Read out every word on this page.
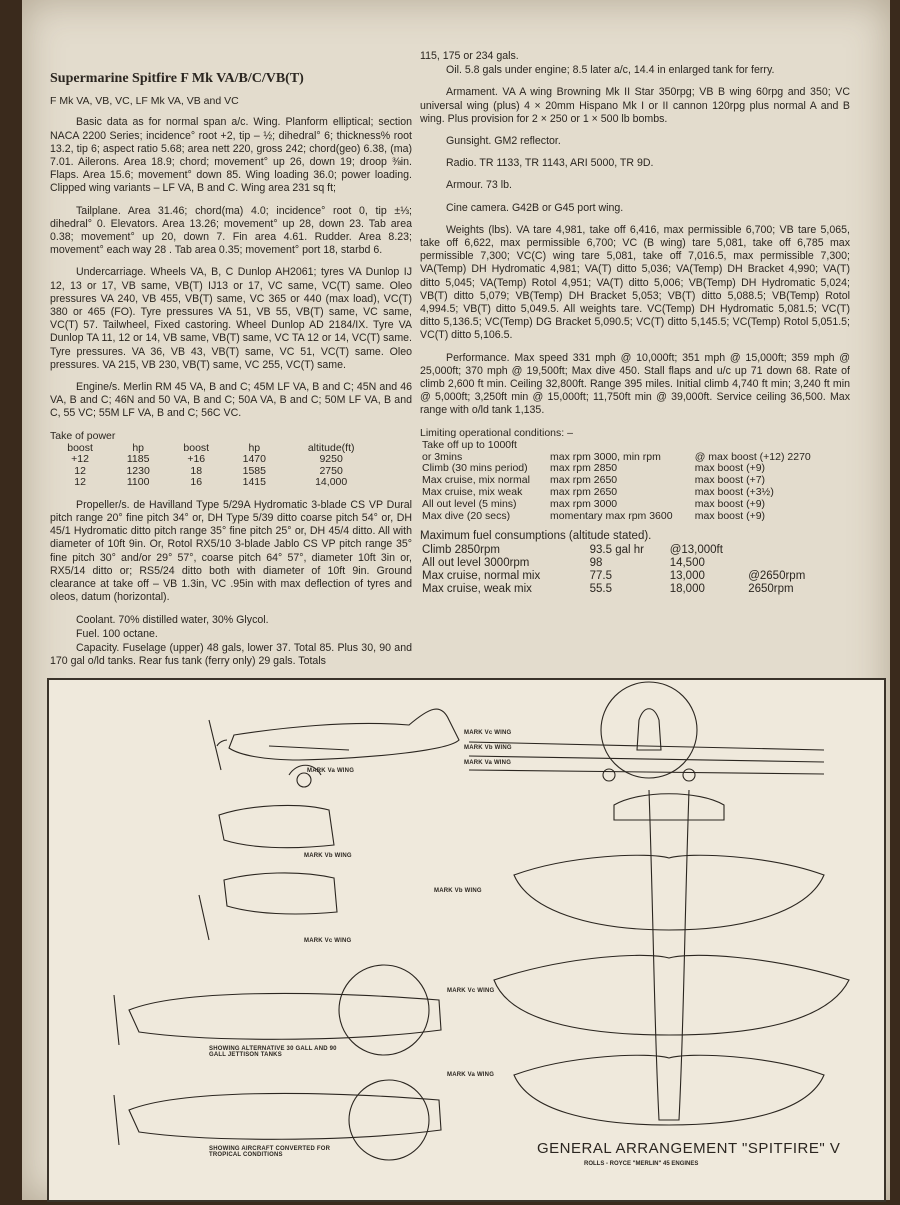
Supermarine Spitfire F Mk VA/B/C/VB(T)
F Mk VA, VB, VC, LF Mk VA, VB and VC

Basic data as for normal span a/c. Wing. Planform elliptical; section NACA 2200 Series; incidence° root +2, tip – ½; dihedral° 6; thickness% root 13.2, tip 6; aspect ratio 5.68; area nett 220, gross 242; chord(geo) 6.38, (ma) 7.01. Ailerons. Area 18.9; chord; movement° up 26, down 19; droop ⅜in. Flaps. Area 15.6; movement° down 85. Wing loading 36.0; power loading. Clipped wing variants – LF VA, B and C. Wing area 231 sq ft;

Tailplane. Area 31.46; chord(ma) 4.0; incidence° root 0, tip ±⅓; dihedral° 0. Elevators. Area 13.26; movement° up 28, down 23. Tab area 0.38; movement° up 20, down 7. Fin area 4.61. Rudder. Area 8.23; movement° each way 28 . Tab area 0.35; movement° port 18, starbd 6.

Undercarriage. Wheels VA, B, C Dunlop AH2061; tyres VA Dunlop IJ 12, 13 or 17, VB same, VB(T) IJ13 or 17, VC same, VC(T) same. Oleo pressures VA 240, VB 455, VB(T) same, VC 365 or 440 (max load), VC(T) 380 or 465 (FO). Tyre pressures VA 51, VB 55, VB(T) same, VC same, VC(T) 57. Tailwheel, Fixed castoring. Wheel Dunlop AD 2184/IX. Tyre VA Dunlop TA 11, 12 or 14, VB same, VB(T) same, VC TA 12 or 14, VC(T) same. Tyre pressures. VA 36, VB 43, VB(T) same, VC 51, VC(T) same. Oleo pressures. VA 215, VB 230, VB(T) same, VC 255, VC(T) same.

Engine/s. Merlin RM 45 VA, B and C; 45M LF VA, B and C; 45N and 46 VA, B and C; 46N and 50 VA, B and C; 50A VA, B and C; 50M LF VA, B and C, 55 VC; 55M LF VA, B and C; 56C VC.

Take of power
boost	hp	boost	hp	altitude(ft)
+12	1185	+16	1470	9250
12	1230	18	1585	2750
12	1100	16	1415	14,000

Propeller/s. de Havilland Type 5/29A Hydromatic 3-blade CS VP Dural pitch range 20° fine pitch 34° or, DH Type 5/39 ditto coarse pitch 54° or, DH 45/1 Hydromatic ditto pitch range 35° fine pitch 25° or, DH 45/4 ditto. All with diameter of 10ft 9in. Or, Rotol RX5/10 3-blade Jablo CS VP pitch range 35° fine pitch 30° and/or 29° 57°, coarse pitch 64° 57°, diameter 10ft 3in or, RX5/14 ditto or; RS5/24 ditto both with diameter of 10ft 9in. Ground clearance at take off – VB 1.3in, VC .95in with max deflection of tyres and oleos, datum (horizontal).

Coolant. 70% distilled water, 30% Glycol.

Fuel. 100 octane.

Capacity. Fuselage (upper) 48 gals, lower 37. Total 85. Plus 30, 90 and 170 gal o/ld tanks. Rear fus tank (ferry only) 29 gals. Totals

115, 175 or 234 gals.

Oil. 5.8 gals under engine; 8.5 later a/c, 14.4 in enlarged tank for ferry.

Armament. VA A wing Browning Mk II Star 350rpg; VB B wing 60rpg and 350; VC universal wing (plus) 4 × 20mm Hispano Mk I or II cannon 120rpg plus normal A and B wing. Plus provision for 2 × 250 or 1 × 500 lb bombs.

Gunsight. GM2 reflector.

Radio. TR 1133, TR 1143, ARI 5000, TR 9D.

Armour. 73 lb.

Cine camera. G42B or G45 port wing.

Weights (lbs). VA tare 4,981, take off 6,416, max permissible 6,700; VB tare 5,065, take off 6,622, max permissible 6,700; VC (B wing) tare 5,081, take off 6,785 max permissible 7,300; VC(C) wing tare 5,081, take off 7,016.5, max permissible 7,300; VA(Temp) DH Hydromatic 4,981; VA(T) ditto 5,036; VA(Temp) DH Bracket 4,990; VA(T) ditto 5,045; VA(Temp) Rotol 4,951; VA(T) ditto 5,006; VB(Temp) DH Hydromatic 5,024; VB(T) ditto 5,079; VB(Temp) DH Bracket 5,053; VB(T) ditto 5,088.5; VB(Temp) Rotol 4,994.5; VB(T) ditto 5,049.5. All weights tare. VC(Temp) DH Hydromatic 5,081.5; VC(T) ditto 5,136.5; VC(Temp) DG Bracket 5,090.5; VC(T) ditto 5,145.5; VC(Temp) Rotol 5,051.5; VC(T) ditto 5,106.5.

Performance. Max speed 331 mph @ 10,000ft; 351 mph @ 15,000ft; 359 mph @ 25,000ft; 370 mph @ 19,500ft; Max dive 450. Stall flaps and u/c up 71 down 68. Rate of climb 2,600 ft min. Ceiling 32,800ft. Range 395 miles. Initial climb 4,740 ft min; 3,240 ft min @ 5,000ft; 3,250ft min @ 15,000ft; 11,750ft min @ 39,000ft. Service ceiling 36,500. Max range with o/ld tank 1,135.

Limiting operational conditions: –
Take off up to 1000ft		
or 3mins	max rpm 3000, min rpm	@ max boost (+12) 2270
Climb (30 mins period)	max rpm 2850	max boost (+9)
Max cruise, mix normal	max rpm 2650	max boost (+7)
Max cruise, mix weak	max rpm 2650	max boost (+3½)
All out level (5 mins)	max rpm 3000	max boost (+9)
Max dive (20 secs)	momentary max rpm 3600	max boost (+9)
Maximum fuel consumptions (altitude stated).
Climb 2850rpm	93.5 gal hr	@13,000ft	
All out level 3000rpm	98	14,500	
Max cruise, normal mix	77.5	13,000	@2650rpm
Max cruise, weak mix	55.5	18,000	2650rpm
MARK Vc WING
MARK Vb WING
MARK Va WING
MARK Va WING
MARK Vb WING
MARK Vc WING
MARK Vb WING
MARK Vc WING
MARK Va WING
SHOWING ALTERNATIVE 30 GALL AND 90 GALL JETTISON TANKS
SHOWING AIRCRAFT CONVERTED FOR TROPICAL CONDITIONS	GENERAL ARRANGEMENT "SPITFIRE" V
ROLLS - ROYCE "MERLIN" 45 ENGINES
